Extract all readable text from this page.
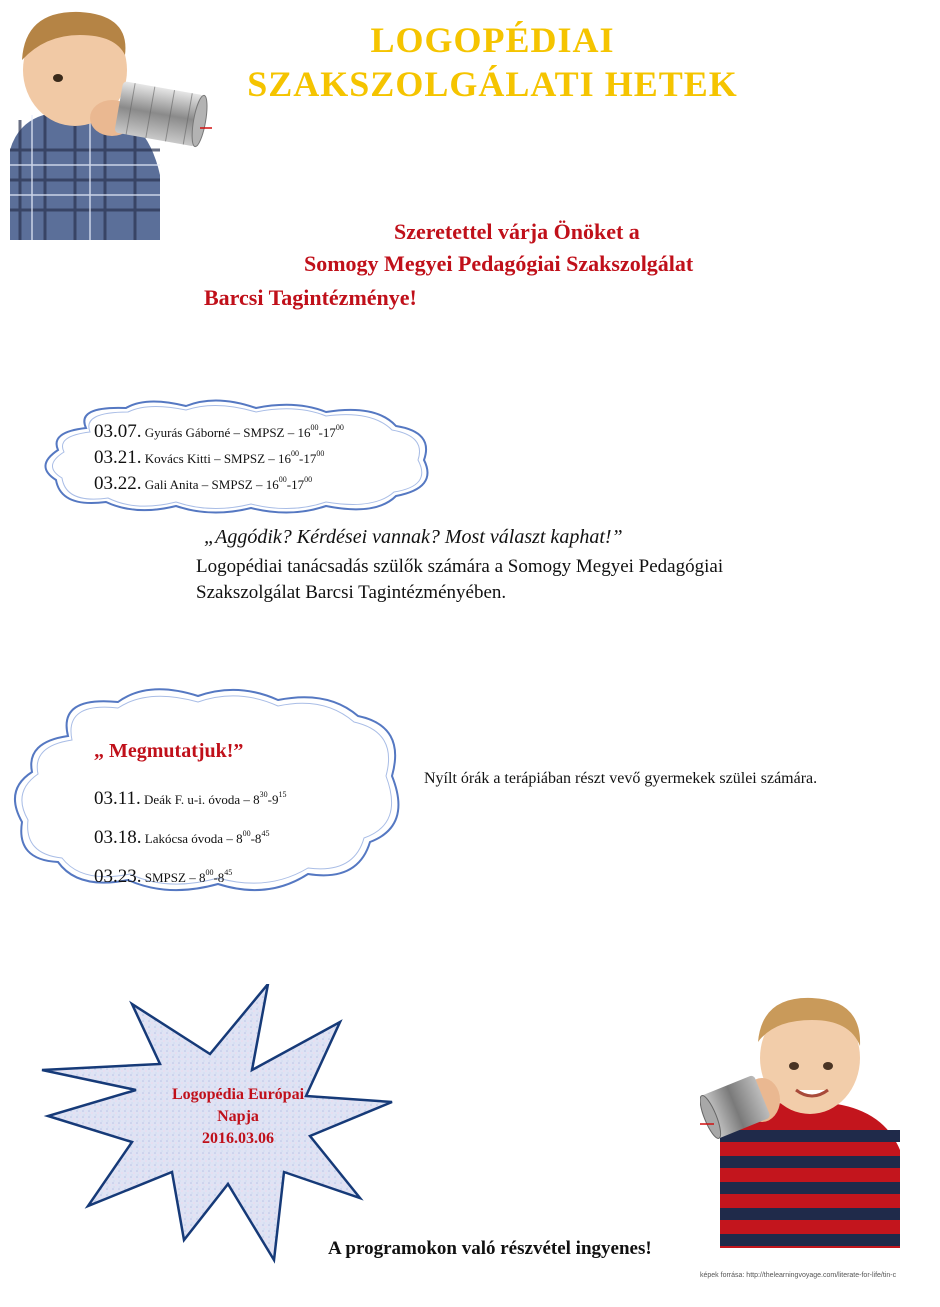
LOGOPÉDIAI
SZAKSZOLGÁLATI HETEK
Szeretettel várja Önöket a
Somogy Megyei Pedagógiai Szakszolgálat
Barcsi Tagintézménye!
03.07. Gyurás Gáborné – SMPSZ – $16^{00}-17^{00}$
03.21. Kovács Kitti – SMPSZ – $16^{00}-17^{00}$
03.22. Gali Anita – SMPSZ – $16^{00}-17^{00}$
„Aggódik? Kérdései vannak? Most választ kaphat!”
Logopédiai tanácsadás szülők számára a Somogy Megyei Pedagógiai
Szakszolgálat Barcsi Tagintézményében.
„ Megmutatjuk!”
03.11. Deák F. u-i. óvoda – $8^{30}-9^{15}$
03.18. Lakócsa óvoda – $8^{00}-8^{45}$
03.23. SMPSZ – $8^{00}-8^{45}$
Nyílt órák a terápiában részt vevő gyermekek szülei számára.
Logopédia Európai
Napja
2016.03.06
A programokon való részvétel ingyenes!
képek forrása: http://thelearningvoyage.com/literate-for-life/tin-c
